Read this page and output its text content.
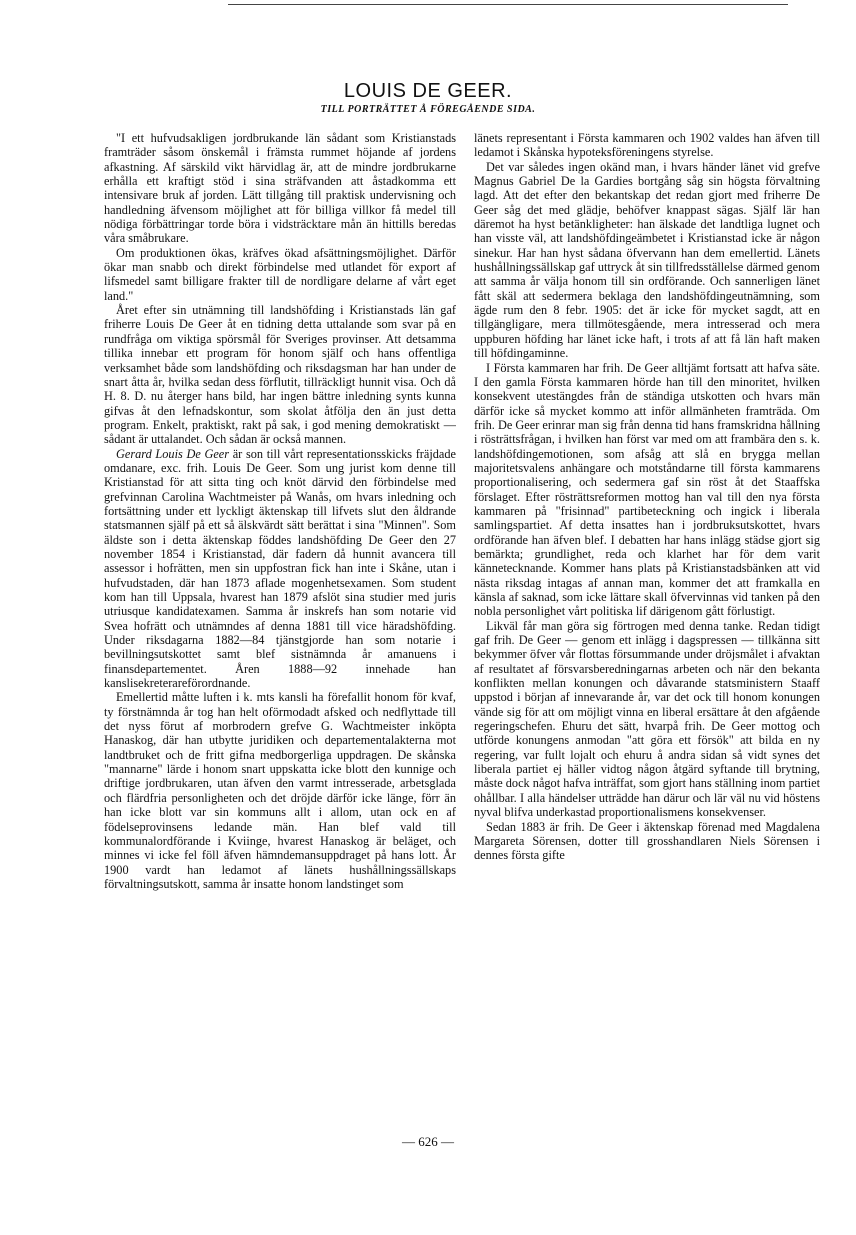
LOUIS DE GEER.
TILL PORTRÄTTET Å FÖREGÅENDE SIDA.

"I ett hufvudsakligen jordbrukande län sådant som Kristianstads framträder såsom önskemål i främsta rummet höjande af jordens afkastning. Af särskild vikt härvidlag är, att de mindre jordbrukarne erhålla ett kraftigt stöd i sina sträfvanden att åstadkomma ett intensivare bruk af jorden. Lätt tillgång till praktisk undervisning och handledning äfvensom möjlighet att för billiga villkor få medel till nödiga förbättringar torde böra i vidsträcktare mån än hittills beredas våra småbrukare.

Om produktionen ökas, kräfves ökad afsättningsmöjlighet. Därför ökar man snabb och direkt förbindelse med utlandet för export af lifsmedel samt billigare frakter till de nordligare delarne af vårt eget land."

Året efter sin utnämning till landshöfding i Kristianstads län gaf friherre Louis De Geer åt en tidning detta uttalande som svar på en rundfråga om viktiga spörsmål för Sveriges provinser. Att detsamma tillika innebar ett program för honom själf och hans offentliga verksamhet både som landshöfding och riksdagsman har han under de snart åtta år, hvilka sedan dess förflutit, tillräckligt hunnit visa. Och då H. 8. D. nu återger hans bild, har ingen bättre inledning synts kunna gifvas åt den lefnadskontur, som skolat åtfölja den än just detta program. Enkelt, praktiskt, rakt på sak, i god mening demokratiskt — sådant är uttalandet. Och sådan är också mannen.

Gerard Louis De Geer är son till vårt representationsskicks fräjdade omdanare, exc. frih. Louis De Geer. Som ung jurist kom denne till Kristianstad för att sitta ting och knöt därvid den förbindelse med grefvinnan Carolina Wachtmeister på Wanås, om hvars inledning och fortsättning under ett lyckligt äktenskap till lifvets slut den åldrande statsmannen själf på ett så älskvärdt sätt berättat i sina "Minnen". Som äldste son i detta äktenskap föddes landshöfding De Geer den 27 november 1854 i Kristianstad, där fadern då hunnit avancera till assessor i hofrätten, men sin uppfostran fick han inte i Skåne, utan i hufvudstaden, där han 1873 aflade mogenhetsexamen. Som student kom han till Uppsala, hvarest han 1879 afslöt sina studier med juris utriusque kandidatexamen. Samma år inskrefs han som notarie vid Svea hofrätt och utnämndes af denna 1881 till vice häradshöfding. Under riksdagarna 1882—84 tjänstgjorde han som notarie i bevillningsutskottet samt blef sistnämnda år amanuens i finansdepartementet. Åren 1888—92 innehade han kanslisekreterareförordnande.

Emellertid måtte luften i k. mts kansli ha förefallit honom för kvaf, ty förstnämnda år tog han helt oförmodadt afsked och nedflyttade till det nyss förut af morbrodern grefve G. Wachtmeister inköpta Hanaskog, där han utbytte juridiken och departementalakterna mot landtbruket och de fritt gifna medborgerliga uppdragen. De skånska "mannarne" lärde i honom snart uppskatta icke blott den kunnige och driftige jordbrukaren, utan äfven den varmt intresserade, arbetsglada och flärdfria personligheten och det dröjde därför icke länge, förr än han icke blott var sin kommuns allt i allom, utan ock en af födelseprovinsens ledande män. Han blef vald till kommunalordförande i Kviinge, hvarest Hanaskog är beläget, och minnes vi icke fel föll äfven hämndemansuppdraget på hans lott. År 1900 vardt han ledamot af länets hushållningssällskaps förvaltningsutskott, samma år insatte honom landstinget som

länets representant i Första kammaren och 1902 valdes han äfven till ledamot i Skånska hypoteksföreningens styrelse.

Det var således ingen okänd man, i hvars händer länet vid grefve Magnus Gabriel De la Gardies bortgång såg sin högsta förvaltning lagd. Att det efter den bekantskap det redan gjort med friherre De Geer såg det med glädje, behöfver knappast sägas. Själf lär han däremot ha hyst betänkligheter: han älskade det landtliga lugnet och han visste väl, att landshöfdingeämbetet i Kristianstad icke är någon sinekur. Har han hyst sådana öfvervann han dem emellertid. Länets hushållningssällskap gaf uttryck åt sin tillfredsställelse därmed genom att samma år välja honom till sin ordförande. Och sannerligen länet fått skäl att sedermera beklaga den landshöfdingeutnämning, som ägde rum den 8 febr. 1905: det är icke för mycket sagdt, att en tillgängligare, mera tillmötesgående, mera intresserad och mera uppburen höfding har länet icke haft, i trots af att få län haft maken till höfdingaminne.

I Första kammaren har frih. De Geer alltjämt fortsatt att hafva säte. I den gamla Första kammaren hörde han till den minoritet, hvilken konsekvent utestängdes från de ständiga utskotten och hvars män därför icke så mycket kommo att inför allmänheten framträda. Om frih. De Geer erinrar man sig från denna tid hans framskridna hållning i rösträttsfrågan, i hvilken han först var med om att frambära den s. k. landshöfdingemotionen, som afsåg att slå en brygga mellan majoritetsvalens anhängare och motståndarne till första kammarens proportionalisering, och sedermera gaf sin röst åt det Staaffska förslaget. Efter rösträttsreformen mottog han val till den nya första kammaren på "frisinnad" partibeteckning och ingick i liberala samlingspartiet. Af detta insattes han i jordbruksutskottet, hvars ordförande han äfven blef. I debatten har hans inlägg städse gjort sig bemärkta; grundlighet, reda och klarhet har för dem varit kännetecknande. Kommer hans plats på Kristianstadsbänken att vid nästa riksdag intagas af annan man, kommer det att framkalla en känsla af saknad, som icke lättare skall öfvervinnas vid tanken på den nobla personlighet vårt politiska lif därigenom gått förlustigt.

Likväl får man göra sig förtrogen med denna tanke. Redan tidigt gaf frih. De Geer — genom ett inlägg i dagspressen — tillkänna sitt bekymmer öfver vår flottas försummande under dröjsmålet i afvaktan af resultatet af försvarsberedningarnas arbeten och när den bekanta konflikten mellan konungen och dåvarande statsministern Staaff uppstod i början af innevarande år, var det ock till honom konungen vände sig för att om möjligt vinna en liberal ersättare åt den afgående regeringschefen. Ehuru det sätt, hvarpå frih. De Geer mottog och utförde konungens anmodan "att göra ett försök" att bilda en ny regering, var fullt lojalt och ehuru å andra sidan så vidt synes det liberala partiet ej häller vidtog någon åtgärd syftande till brytning, måste dock något hafva inträffat, som gjort hans ställning inom partiet ohållbar. I alla händelser utträdde han därur och lär väl nu vid höstens nyval blifva underkastad proportionalismens konsekvenser.

Sedan 1883 är frih. De Geer i äktenskap förenad med Magdalena Margareta Sörensen, dotter till grosshandlaren Niels Sörensen i dennes första gifte

— 626 —
